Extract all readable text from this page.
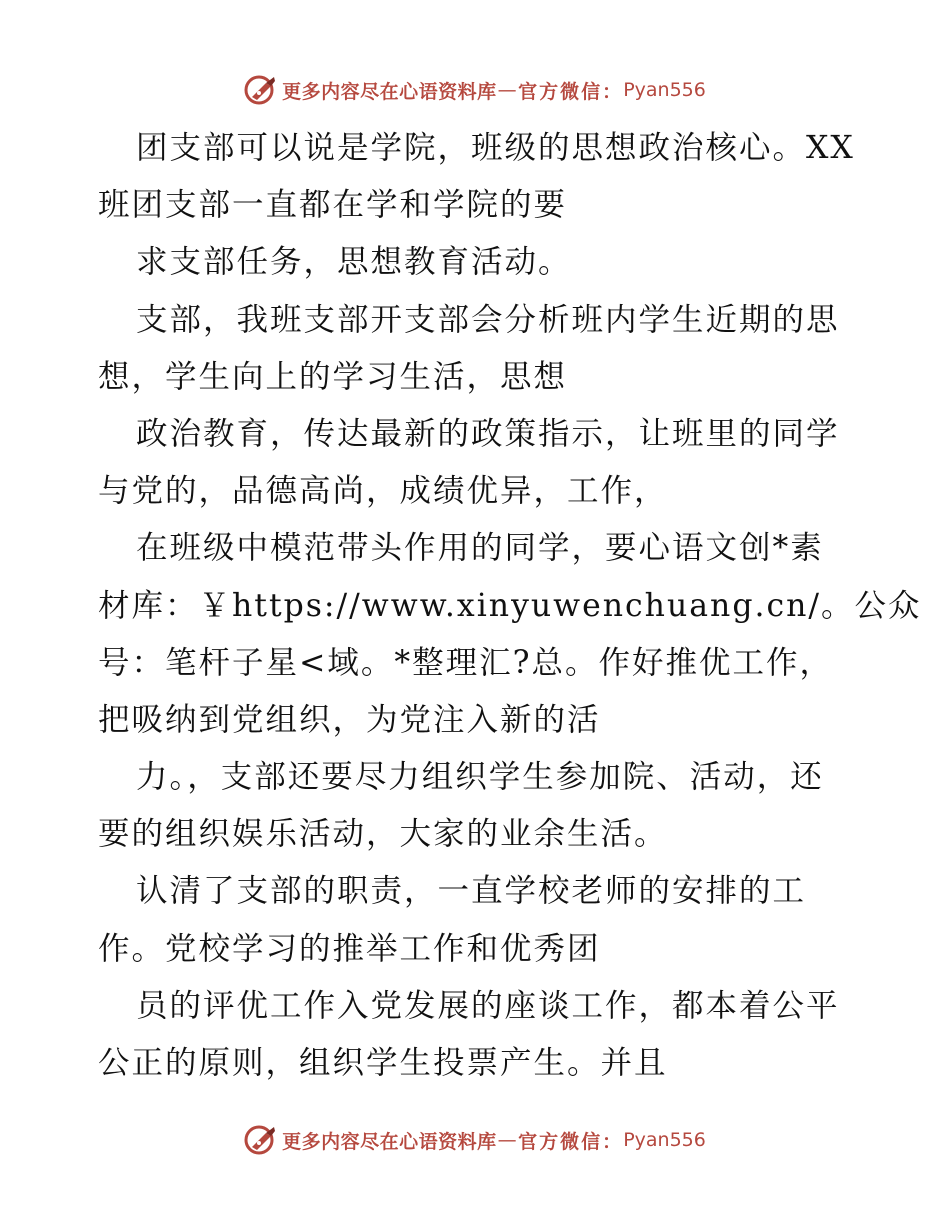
更多内容尽在心语资料库 — 官方微信： Pyan556
团支部可以说是学院，班级的思想政治核心。XX
班团支部一直都在学和学院的要
求支部任务，思想教育活动。
支部，我班支部开支部会分析班内学生近期的思
想，学生向上的学习生活，思想
政治教育，传达最新的政策指示，让班里的同学
与党的，品德高尚，成绩优异，工作，
在班级中模范带头作用的同学，要心语文创*素
材库：￥https://www.xinyuwenchuang.cn/。公众
号：笔杆子星<域。*整理汇?总。作好推优工作，
把吸纳到党组织，为党注入新的活
力。，支部还要尽力组织学生参加院、活动，还
要的组织娱乐活动，大家的业余生活。
认清了支部的职责，一直学校老师的安排的工
作。党校学习的推举工作和优秀团
员的评优工作入党发展的座谈工作，都本着公平
公正的原则，组织学生投票产生。并且
更多内容尽在心语资料库 — 官方微信： Pyan556
